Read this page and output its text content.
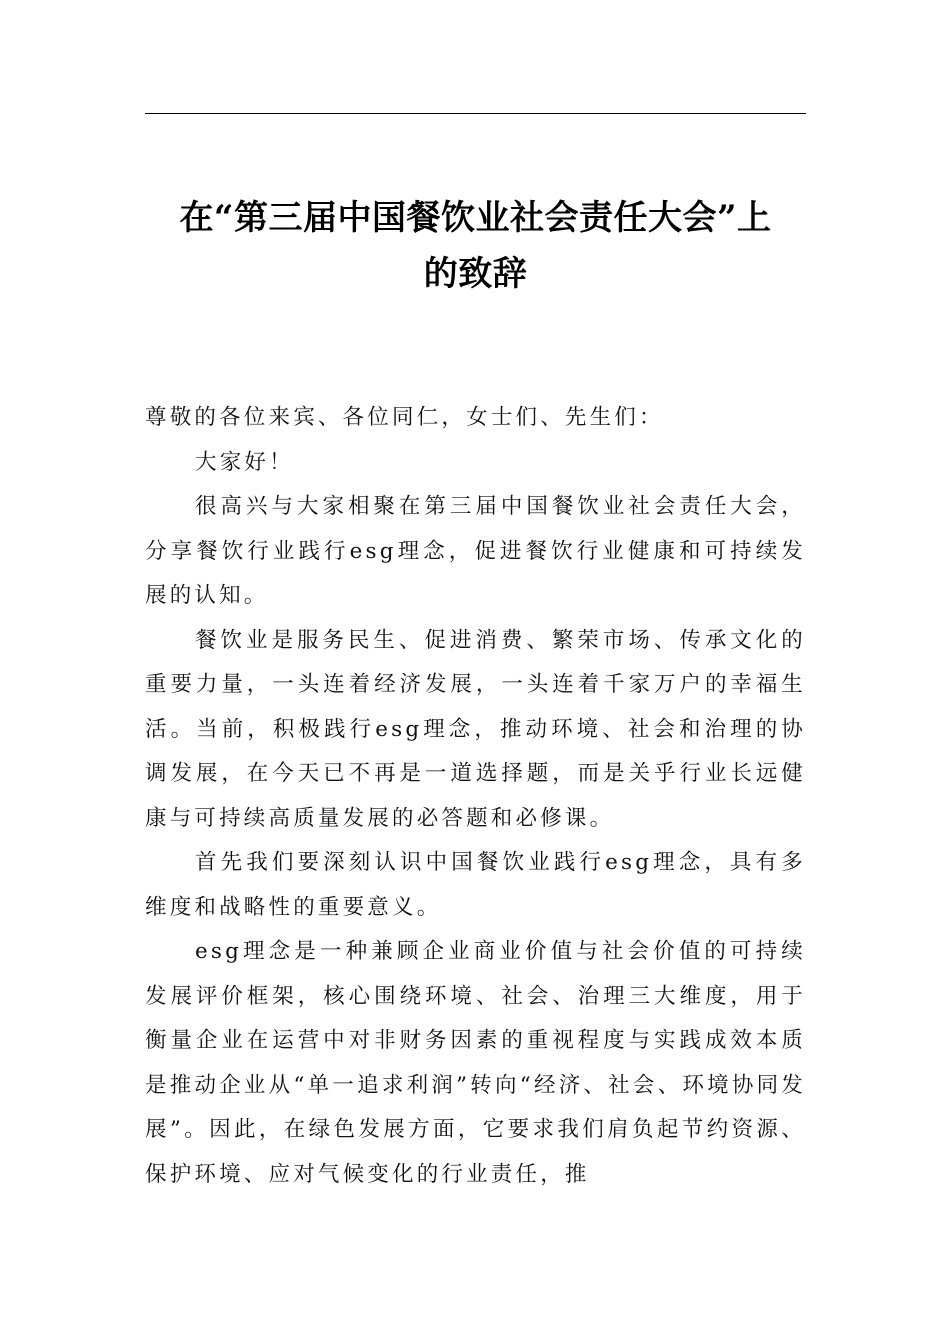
在“第三届中国餐饮业社会责任大会”上
的致辞

尊敬的各位来宾、各位同仁，女士们、先生们：

大家好！

很高兴与大家相聚在第三届中国餐饮业社会责任大会，分享餐饮行业践行esg理念，促进餐饮行业健康和可持续发展的认知。

餐饮业是服务民生、促进消费、繁荣市场、传承文化的重要力量，一头连着经济发展，一头连着千家万户的幸福生活。当前，积极践行esg理念，推动环境、社会和治理的协调发展，在今天已不再是一道选择题，而是关乎行业长远健康与可持续高质量发展的必答题和必修课。

首先我们要深刻认识中国餐饮业践行esg理念，具有多维度和战略性的重要意义。

esg理念是一种兼顾企业商业价值与社会价值的可持续发展评价框架，核心围绕环境、社会、治理三大维度，用于衡量企业在运营中对非财务因素的重视程度与实践成效本质是推动企业从“单一追求利润”转向“经济、社会、环境协同发展”。因此，在绿色发展方面，它要求我们肩负起节约资源、保护环境、应对气候变化的行业责任，推
